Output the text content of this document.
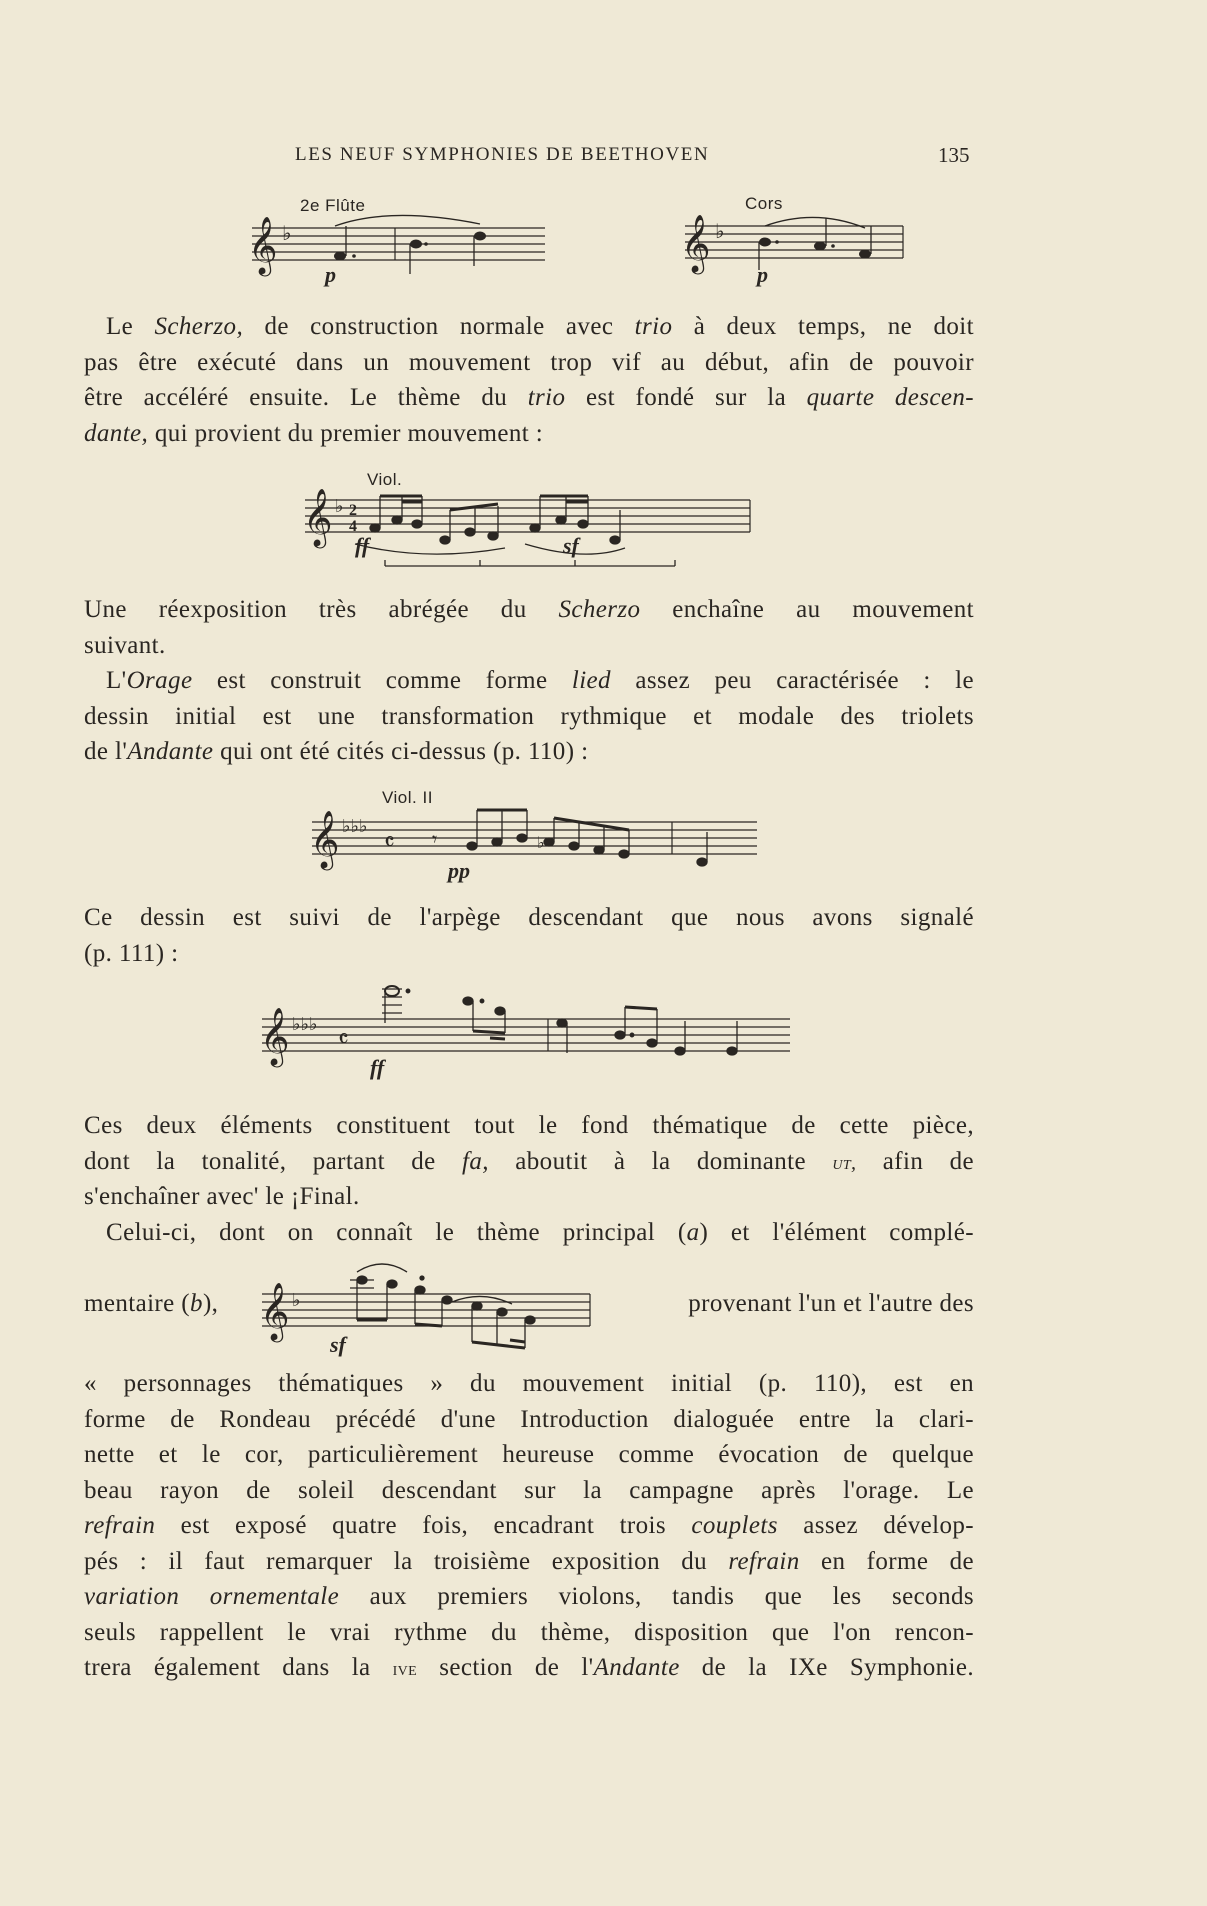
LES NEUF SYMPHONIES DE BEETHOVEN	135
2e Flûte
𝄞 ♭
p
Cors
𝄞 ♭
p
Le Scherzo, de construction normale avec trio à deux temps, ne doit
pas être exécuté dans un mouvement trop vif au début, afin de pouvoir
être accéléré ensuite. Le thème du trio est fondé sur la quarte descen-
dante, qui provient du premier mouvement :
Viol.
𝄞 ♭ 2
4
ff	sf
Une réexposition très abrégée du Scherzo enchaîne au mouvement
suivant.
L'Orage est construit comme forme lied assez peu caractérisée : le
dessin initial est une transformation rythmique et modale des triolets
de l'Andante qui ont été cités ci-dessus (p. 110) :
Viol. II
𝄞 ♭♭♭
𝄴 𝄾	♭
pp
Ce dessin est suivi de l'arpège descendant que nous avons signalé
(p. 111) :
𝄞 ♭♭♭
𝄴
ff
Ces deux éléments constituent tout le fond thématique de cette pièce,
dont la tonalité, partant de fa, aboutit à la dominante ut, afin de
s'enchaîner avec' le ¡Final.
Celui-ci, dont on connaît le thème principal (a) et l'élément complé-
mentaire (b),	provenant l'un et l'autre des
𝄞 ♭
sf
« personnages thématiques » du mouvement initial (p. 110), est en
forme de Rondeau précédé d'une Introduction dialoguée entre la clari-
nette et le cor, particulièrement heureuse comme évocation de quelque
beau rayon de soleil descendant sur la campagne après l'orage. Le
refrain est exposé quatre fois, encadrant trois couplets assez dévelop-
pés : il faut remarquer la troisième exposition du refrain en forme de
variation ornementale aux premiers violons, tandis que les seconds
seuls rappellent le vrai rythme du thème, disposition que l'on rencon-
trera également dans la ive section de l'Andante de la IXe Symphonie.
